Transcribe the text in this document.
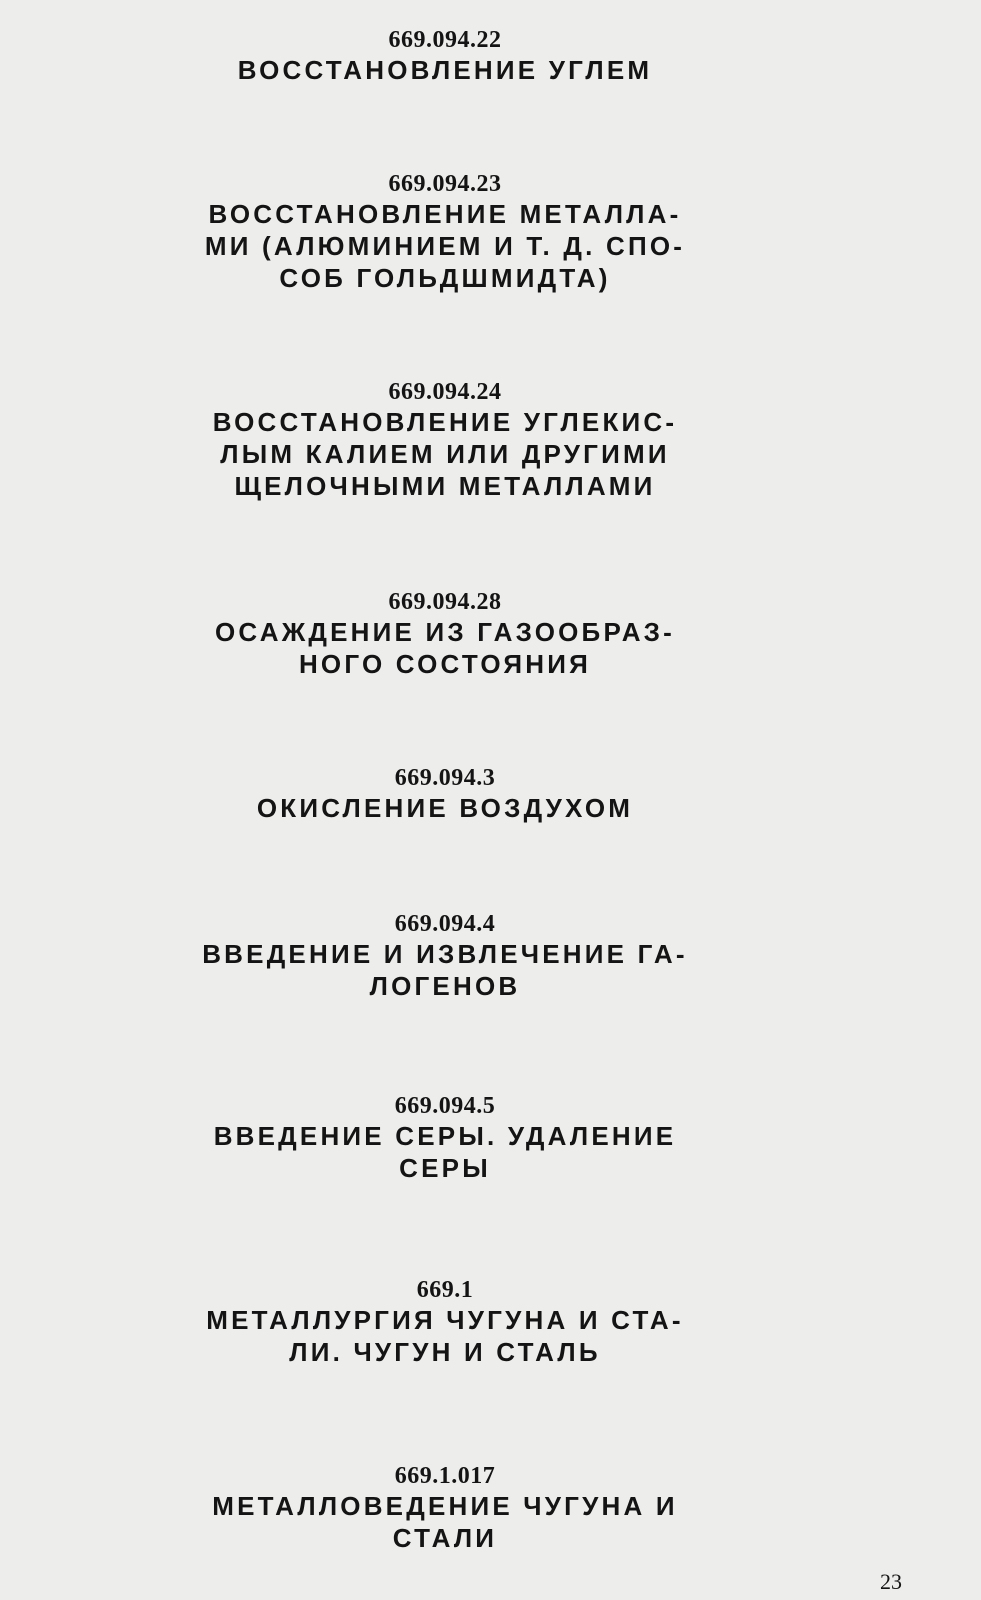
669.094.22
ВОССТАНОВЛЕНИЕ УГЛЕМ
669.094.23
ВОССТАНОВЛЕНИЕ МЕТАЛЛА-
МИ (АЛЮМИНИЕМ И Т. Д. СПО-
СОБ ГОЛЬДШМИДТА)
669.094.24
ВОССТАНОВЛЕНИЕ УГЛЕКИС-
ЛЫМ КАЛИЕМ ИЛИ ДРУГИМИ
ЩЕЛОЧНЫМИ МЕТАЛЛАМИ
669.094.28
ОСАЖДЕНИЕ ИЗ ГАЗООБРАЗ-
НОГО СОСТОЯНИЯ
669.094.3
ОКИСЛЕНИЕ ВОЗДУХОМ
669.094.4
ВВЕДЕНИЕ И ИЗВЛЕЧЕНИЕ ГА-
ЛОГЕНОВ
669.094.5
ВВЕДЕНИЕ СЕРЫ. УДАЛЕНИЕ
СЕРЫ
669.1
МЕТАЛЛУРГИЯ ЧУГУНА И СТА-
ЛИ. ЧУГУН И СТАЛЬ
669.1.017
МЕТАЛЛОВЕДЕНИЕ ЧУГУНА И
СТАЛИ
23
